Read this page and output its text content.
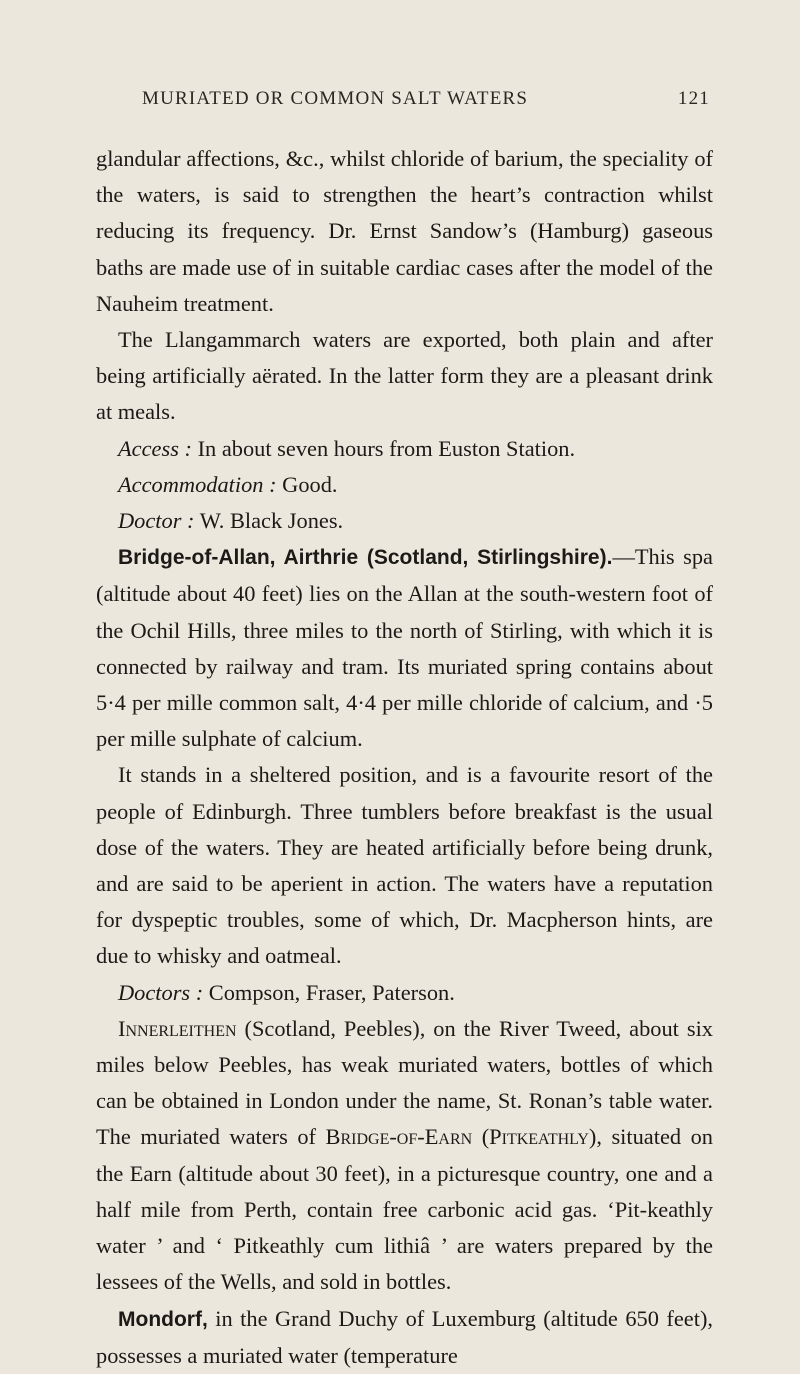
MURIATED OR COMMON SALT WATERS	121

glandular affections, &c., whilst chloride of barium, the speciality of the waters, is said to strengthen the heart’s contraction whilst reducing its frequency. Dr. Ernst Sandow’s (Hamburg) gaseous baths are made use of in suitable cardiac cases after the model of the Nauheim treatment.

The Llangammarch waters are exported, both plain and after being artificially aërated. In the latter form they are a pleasant drink at meals.

Access : In about seven hours from Euston Station.

Accommodation : Good.

Doctor : W. Black Jones.

Bridge-of-Allan, Airthrie (Scotland, Stirlingshire).—This spa (altitude about 40 feet) lies on the Allan at the south-western foot of the Ochil Hills, three miles to the north of Stirling, with which it is connected by railway and tram. Its muriated spring contains about 5·4 per mille common salt, 4·4 per mille chloride of calcium, and ·5 per mille sulphate of calcium.

It stands in a sheltered position, and is a favourite resort of the people of Edinburgh. Three tumblers before breakfast is the usual dose of the waters. They are heated artificially before being drunk, and are said to be aperient in action. The waters have a reputation for dyspeptic troubles, some of which, Dr. Macpherson hints, are due to whisky and oatmeal.

Doctors : Compson, Fraser, Paterson.

Innerleithen (Scotland, Peebles), on the River Tweed, about six miles below Peebles, has weak muriated waters, bottles of which can be obtained in London under the name, St. Ronan’s table water. The muriated waters of Bridge-of-Earn (Pitkeathly), situated on the Earn (altitude about 30 feet), in a picturesque country, one and a half mile from Perth, contain free carbonic acid gas. ‘Pit-keathly water ’ and ‘ Pitkeathly cum lithiâ ’ are waters prepared by the lessees of the Wells, and sold in bottles.

Mondorf, in the Grand Duchy of Luxemburg (altitude 650 feet), possesses a muriated water (temperature
